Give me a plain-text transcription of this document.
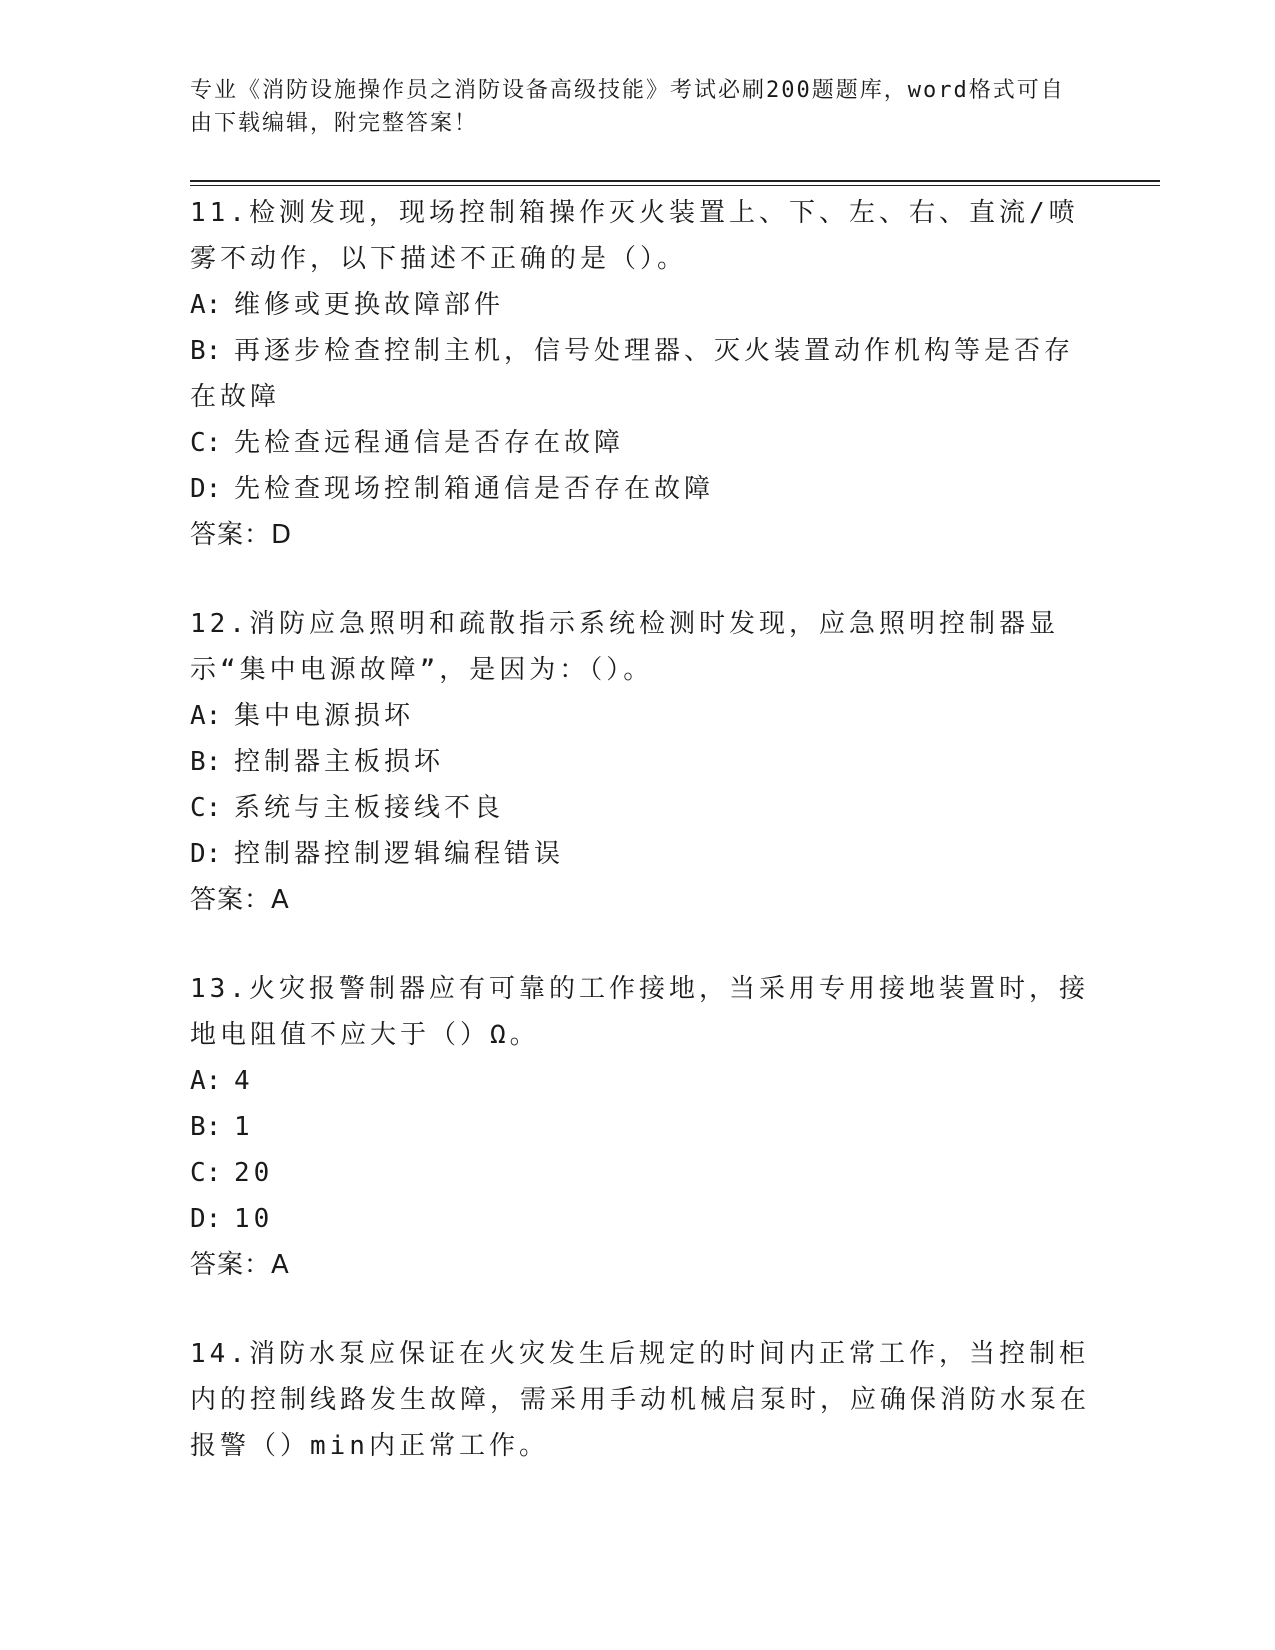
专业《消防设施操作员之消防设备高级技能》考试必刷200题题库，word格式可自由下载编辑，附完整答案！

11.检测发现，现场控制箱操作灭火装置上、下、左、右、直流/喷雾不动作，以下描述不正确的是（）。

A: 维修或更换故障部件

B: 再逐步检查控制主机，信号处理器、灭火装置动作机构等是否存在故障

C: 先检查远程通信是否存在故障

D: 先检查现场控制箱通信是否存在故障

答案：D

12.消防应急照明和疏散指示系统检测时发现，应急照明控制器显示“集中电源故障”，是因为：（）。

A: 集中电源损坏

B: 控制器主板损坏

C: 系统与主板接线不良

D: 控制器控制逻辑编程错误

答案：A

13.火灾报警制器应有可靠的工作接地，当采用专用接地装置时，接地电阻值不应大于（）Ω。

A: 4

B: 1

C: 20

D: 10

答案：A

14.消防水泵应保证在火灾发生后规定的时间内正常工作，当控制柜内的控制线路发生故障，需采用手动机械启泵时，应确保消防水泵在报警（）min内正常工作。
